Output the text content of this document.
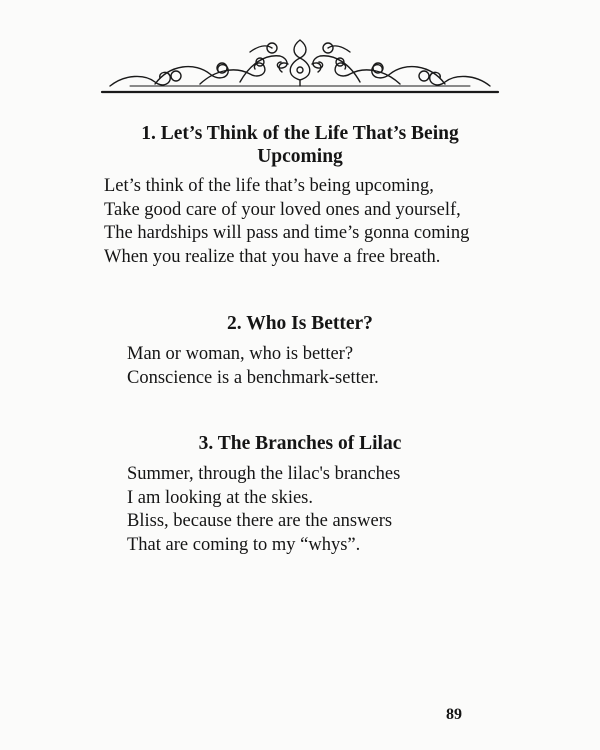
1. Let’s Think of the Life That’s Being
Upcoming

Let’s think of the life that’s being upcoming,
Take good care of your loved ones and yourself,
The hardships will pass and time’s gonna coming
When you realize that you have a free breath.

2. Who Is Better?

Man or woman, who is better?
Conscience is a benchmark-setter.

3. The Branches of Lilac

Summer, through the lilac's branches
I am looking at the skies.
Bliss, because there are the answers
That are coming to my “whys”.

89
